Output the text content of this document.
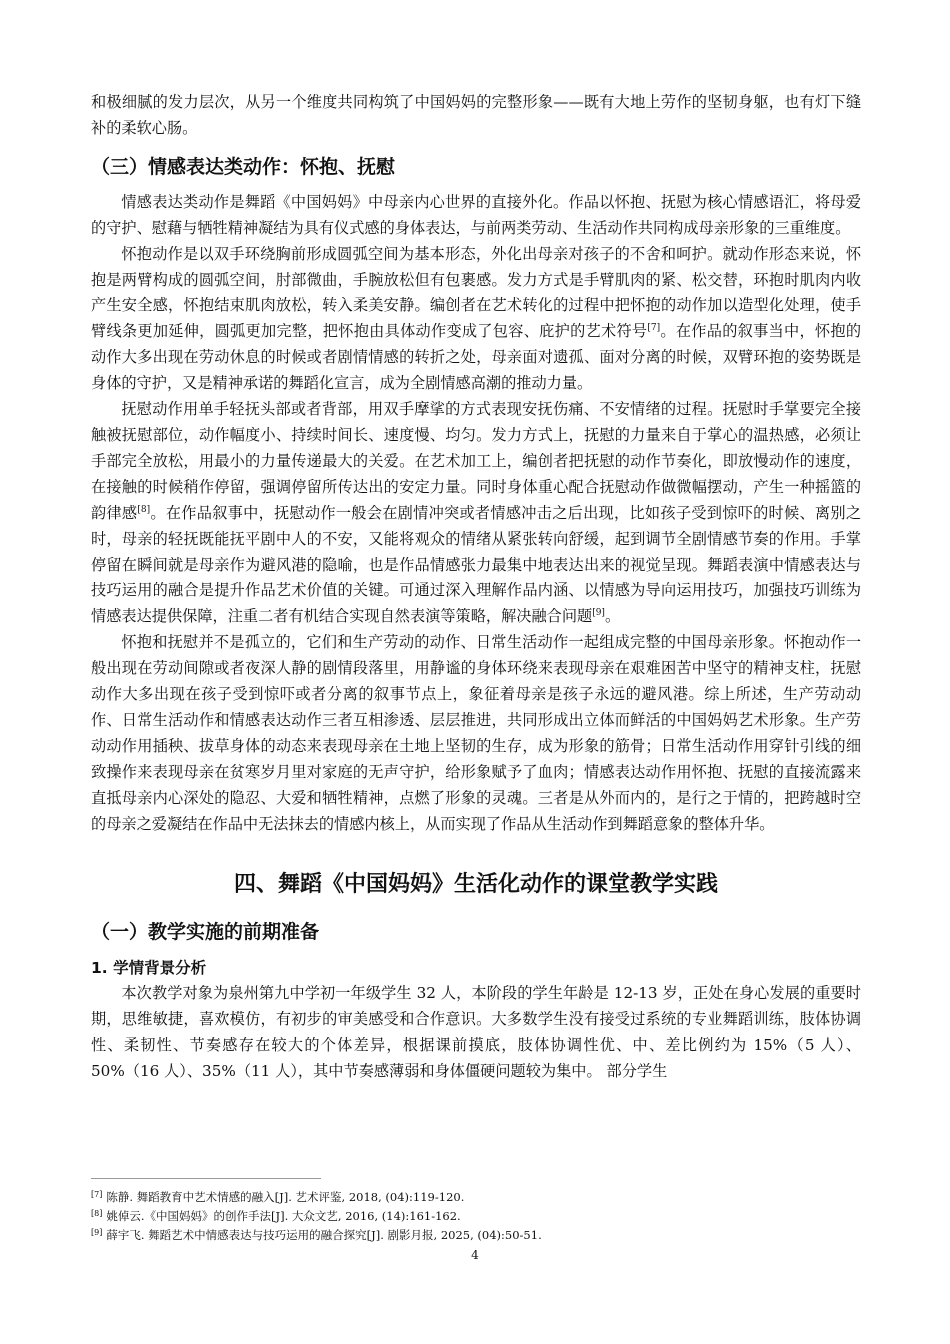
和极细腻的发力层次，从另一个维度共同构筑了中国妈妈的完整形象——既有大地上劳作的坚韧身躯，也有灯下缝补的柔软心肠。

（三）情感表达类动作：怀抱、抚慰

情感表达类动作是舞蹈《中国妈妈》中母亲内心世界的直接外化。作品以怀抱、抚慰为核心情感语汇，将母爱的守护、慰藉与牺牲精神凝结为具有仪式感的身体表达，与前两类劳动、生活动作共同构成母亲形象的三重维度。

怀抱动作是以双手环绕胸前形成圆弧空间为基本形态，外化出母亲对孩子的不舍和呵护。就动作形态来说，怀抱是两臂构成的圆弧空间，肘部微曲，手腕放松但有包裹感。发力方式是手臂肌肉的紧、松交替，环抱时肌肉内收产生安全感，怀抱结束肌肉放松，转入柔美安静。编创者在艺术转化的过程中把怀抱的动作加以造型化处理，使手臂线条更加延伸，圆弧更加完整，把怀抱由具体动作变成了包容、庇护的艺术符号[7]。在作品的叙事当中，怀抱的动作大多出现在劳动休息的时候或者剧情情感的转折之处，母亲面对遗孤、面对分离的时候，双臂环抱的姿势既是身体的守护，又是精神承诺的舞蹈化宣言，成为全剧情感高潮的推动力量。

抚慰动作用单手轻抚头部或者背部，用双手摩挲的方式表现安抚伤痛、不安情绪的过程。抚慰时手掌要完全接触被抚慰部位，动作幅度小、持续时间长、速度慢、均匀。发力方式上，抚慰的力量来自于掌心的温热感，必须让手部完全放松，用最小的力量传递最大的关爱。在艺术加工上，编创者把抚慰的动作节奏化，即放慢动作的速度，在接触的时候稍作停留，强调停留所传达出的安定力量。同时身体重心配合抚慰动作做微幅摆动，产生一种摇篮的韵律感[8]。在作品叙事中，抚慰动作一般会在剧情冲突或者情感冲击之后出现，比如孩子受到惊吓的时候、离别之时，母亲的轻抚既能抚平剧中人的不安，又能将观众的情绪从紧张转向舒缓，起到调节全剧情感节奏的作用。手掌停留在瞬间就是母亲作为避风港的隐喻，也是作品情感张力最集中地表达出来的视觉呈现。舞蹈表演中情感表达与技巧运用的融合是提升作品艺术价值的关键。可通过深入理解作品内涵、以情感为导向运用技巧，加强技巧训练为情感表达提供保障，注重二者有机结合实现自然表演等策略，解决融合问题[9]。

怀抱和抚慰并不是孤立的，它们和生产劳动的动作、日常生活动作一起组成完整的中国母亲形象。怀抱动作一般出现在劳动间隙或者夜深人静的剧情段落里，用静谧的身体环绕来表现母亲在艰难困苦中坚守的精神支柱，抚慰动作大多出现在孩子受到惊吓或者分离的叙事节点上，象征着母亲是孩子永远的避风港。综上所述，生产劳动动作、日常生活动作和情感表达动作三者互相渗透、层层推进，共同形成出立体而鲜活的中国妈妈艺术形象。生产劳动动作用插秧、拔草身体的动态来表现母亲在土地上坚韧的生存，成为形象的筋骨；日常生活动作用穿针引线的细致操作来表现母亲在贫寒岁月里对家庭的无声守护，给形象赋予了血肉；情感表达动作用怀抱、抚慰的直接流露来直抵母亲内心深处的隐忍、大爱和牺牲精神，点燃了形象的灵魂。三者是从外而内的，是行之于情的，把跨越时空的母亲之爱凝结在作品中无法抹去的情感内核上，从而实现了作品从生活动作到舞蹈意象的整体升华。

四、舞蹈《中国妈妈》生活化动作的课堂教学实践
（一）教学实施的前期准备
1. 学情背景分析

本次教学对象为泉州第九中学初一年级学生 32 人，本阶段的学生年龄是 12-13 岁，正处在身心发展的重要时期，思维敏捷，喜欢模仿，有初步的审美感受和合作意识。大多数学生没有接受过系统的专业舞蹈训练，肢体协调性、柔韧性、节奏感存在较大的个体差异，根据课前摸底，肢体协调性优、中、差比例约为 15%（5 人）、50%（16 人）、35%（11 人），其中节奏感薄弱和身体僵硬问题较为集中。 部分学生

[7] 陈静. 舞蹈教育中艺术情感的融入[J]. 艺术评鉴, 2018, (04):119-120.

[8] 姚倬云.《中国妈妈》的创作手法[J]. 大众文艺, 2016, (14):161-162.

[9] 薛宇飞. 舞蹈艺术中情感表达与技巧运用的融合探究[J]. 剧影月报, 2025, (04):50-51.

4
